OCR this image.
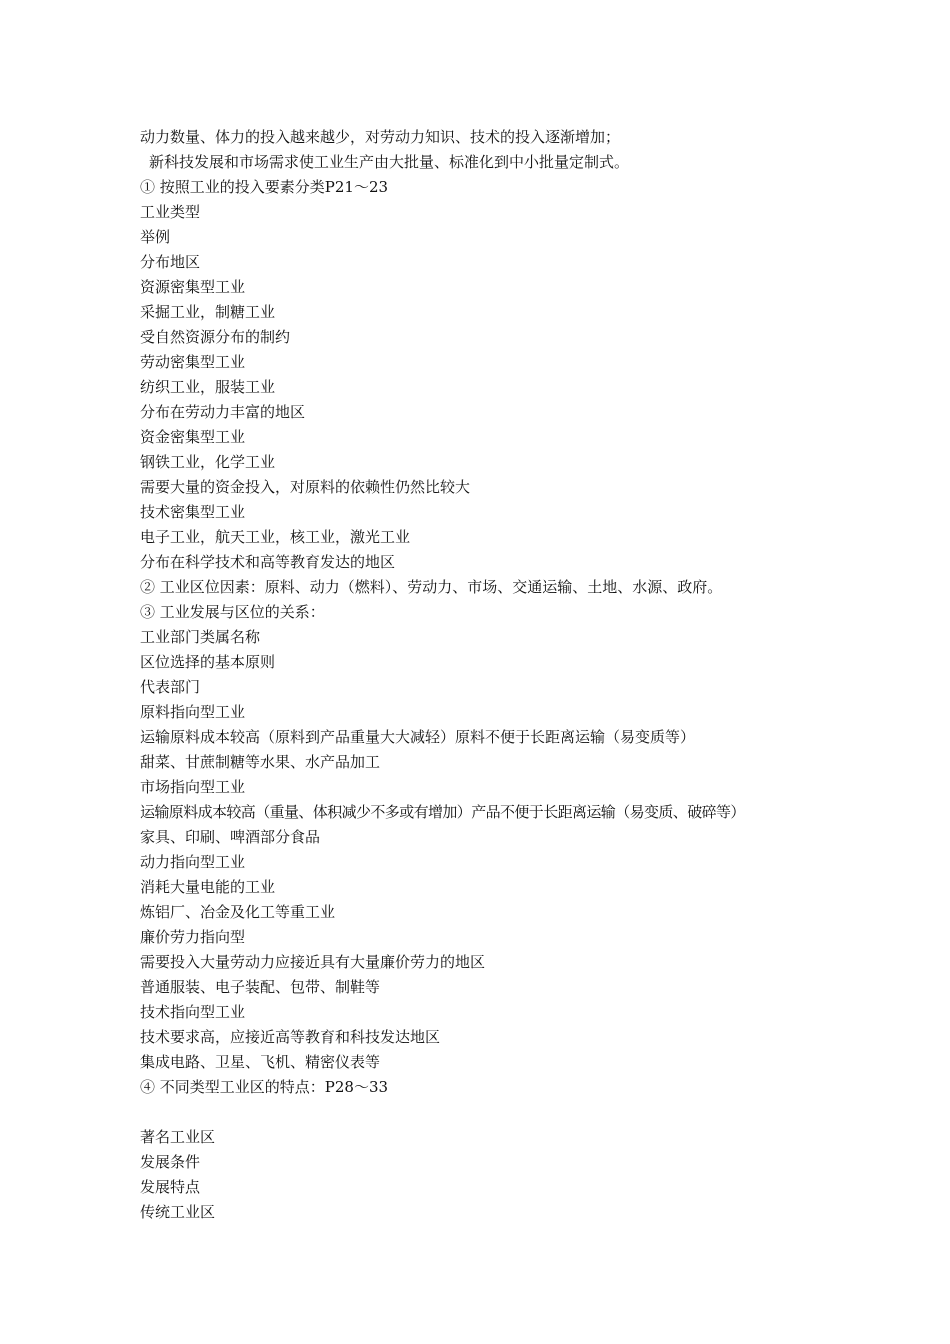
动力数量、体力的投入越来越少，对劳动力知识、技术的投入逐渐增加；
新科技发展和市场需求使工业生产由大批量、标准化到中小批量定制式。
① 按照工业的投入要素分类P21～23
工业类型
举例
分布地区
资源密集型工业
采掘工业，制糖工业
受自然资源分布的制约
劳动密集型工业
纺织工业，服装工业
分布在劳动力丰富的地区
资金密集型工业
钢铁工业，化学工业
需要大量的资金投入，对原料的依赖性仍然比较大
技术密集型工业
电子工业，航天工业，核工业，激光工业
分布在科学技术和高等教育发达的地区
② 工业区位因素：原料、动力（燃料）、劳动力、市场、交通运输、土地、水源、政府。
③ 工业发展与区位的关系：
工业部门类属名称
区位选择的基本原则
代表部门
原料指向型工业
运输原料成本较高（原料到产品重量大大减轻）原料不便于长距离运输（易变质等）
甜菜、甘蔗制糖等水果、水产品加工
市场指向型工业
运输原料成本较高（重量、体积减少不多或有增加）产品不便于长距离运输（易变质、破碎等）
家具、印刷、啤酒部分食品
动力指向型工业
消耗大量电能的工业
炼铝厂、冶金及化工等重工业
廉价劳力指向型
需要投入大量劳动力应接近具有大量廉价劳力的地区
普通服装、电子装配、包带、制鞋等
技术指向型工业
技术要求高，应接近高等教育和科技发达地区
集成电路、卫星、飞机、精密仪表等
④ 不同类型工业区的特点：P28～33
著名工业区
发展条件
发展特点
传统工业区
